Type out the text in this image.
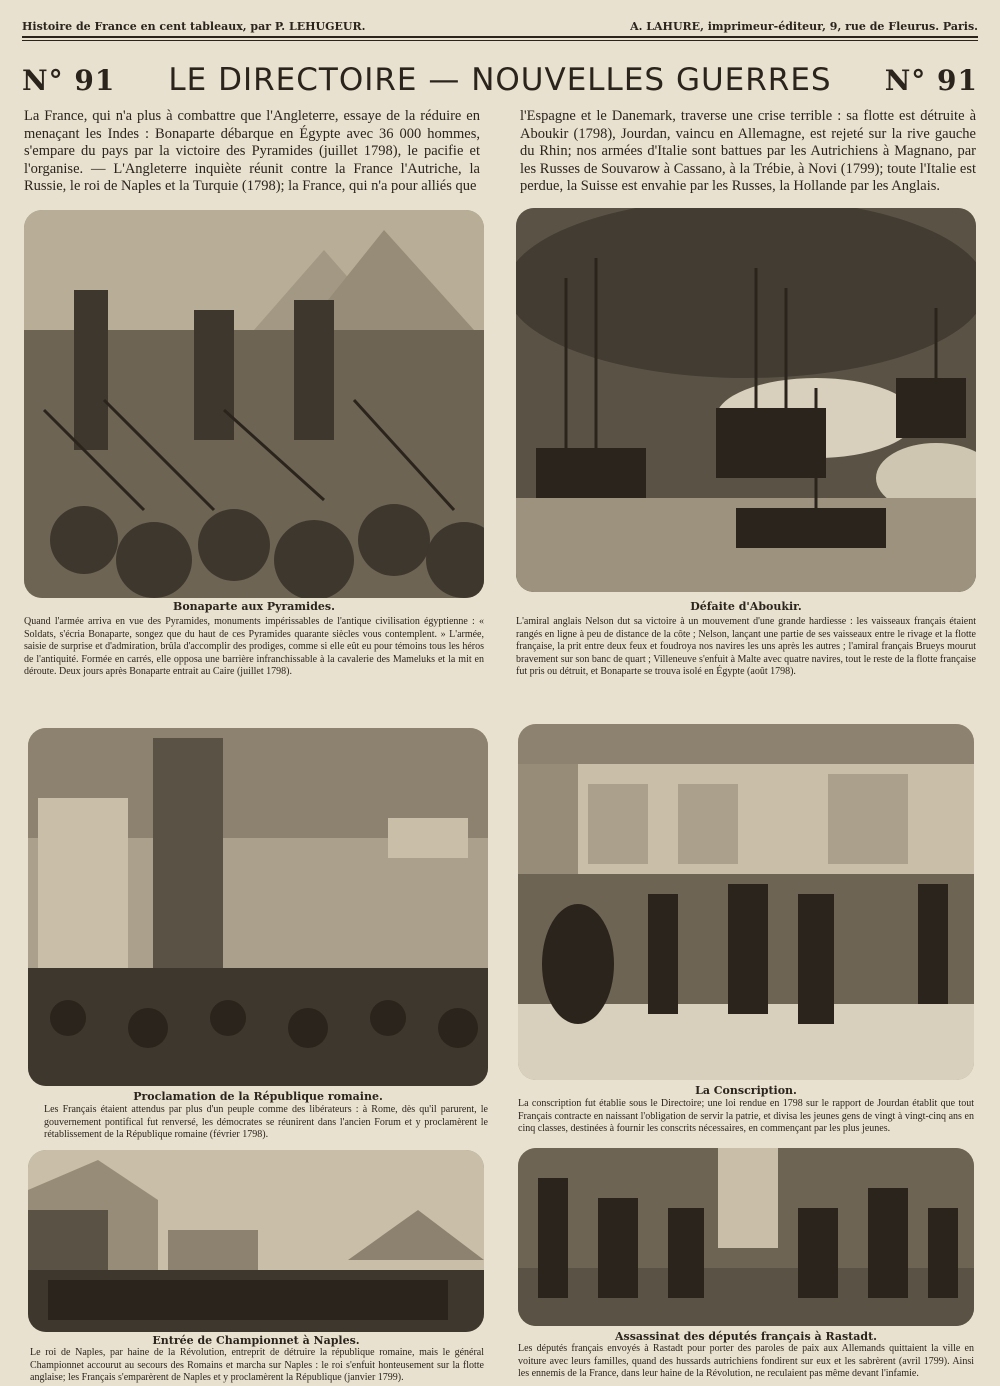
Histoire de France en cent tableaux, par P. LEHUGEUR.	A. LAHURE, imprimeur-éditeur, 9, rue de Fleurus. Paris.
N° 91 LE DIRECTOIRE — NOUVELLES GUERRES N° 91

La France, qui n'a plus à combattre que l'Angleterre, essaye de la réduire en menaçant les Indes : Bonaparte débarque en Égypte avec 36 000 hommes, s'empare du pays par la victoire des Pyramides (juillet 1798), le pacifie et l'organise. — L'Angleterre inquiète réunit contre la France l'Autriche, la Russie, le roi de Naples et la Turquie (1798); la France, qui n'a pour alliés que

l'Espagne et le Danemark, traverse une crise terrible : sa flotte est détruite à Aboukir (1798), Jourdan, vaincu en Allemagne, est rejeté sur la rive gauche du Rhin; nos armées d'Italie sont battues par les Autrichiens à Magnano, par les Russes de Souvarow à Cassano, à la Trébie, à Novi (1799); toute l'Italie est perdue, la Suisse est envahie par les Russes, la Hollande par les Anglais.

Bonaparte aux Pyramides.

Quand l'armée arriva en vue des Pyramides, monuments impérissables de l'antique civilisation égyptienne : « Soldats, s'écria Bonaparte, songez que du haut de ces Pyramides quarante siècles vous contemplent. » L'armée, saisie de surprise et d'admiration, brûla d'accomplir des prodiges, comme si elle eût eu pour témoins tous les héros de l'antiquité. Formée en carrés, elle opposa une barrière infranchissable à la cavalerie des Mameluks et la mit en déroute. Deux jours après Bonaparte entrait au Caire (juillet 1798).

Défaite d'Aboukir.

L'amiral anglais Nelson dut sa victoire à un mouvement d'une grande hardiesse : les vaisseaux français étaient rangés en ligne à peu de distance de la côte ; Nelson, lançant une partie de ses vaisseaux entre le rivage et la flotte française, la prit entre deux feux et foudroya nos navires les uns après les autres ; l'amiral français Brueys mourut bravement sur son banc de quart ; Villeneuve s'enfuit à Malte avec quatre navires, tout le reste de la flotte française fut pris ou détruit, et Bonaparte se trouva isolé en Égypte (août 1798).

Proclamation de la République romaine.

Les Français étaient attendus par plus d'un peuple comme des libérateurs : à Rome, dès qu'il parurent, le gouvernement pontifical fut renversé, les démocrates se réunirent dans l'ancien Forum et y proclamèrent le rétablissement de la République romaine (février 1798).

La Conscription.

La conscription fut établie sous le Directoire; une loi rendue en 1798 sur le rapport de Jourdan établit que tout Français contracte en naissant l'obligation de servir la patrie, et divisa les jeunes gens de vingt à vingt-cinq ans en cinq classes, destinées à fournir les conscrits nécessaires, en commençant par les plus jeunes.

Entrée de Championnet à Naples.

Le roi de Naples, par haine de la Révolution, entreprit de détruire la république romaine, mais le général Championnet accourut au secours des Romains et marcha sur Naples : le roi s'enfuit honteusement sur la flotte anglaise; les Français s'emparèrent de Naples et y proclamèrent la République (janvier 1799).

Assassinat des députés français à Rastadt.

Les députés français envoyés à Rastadt pour porter des paroles de paix aux Allemands quittaient la ville en voiture avec leurs familles, quand des hussards autrichiens fondirent sur eux et les sabrèrent (avril 1799). Ainsi les ennemis de la France, dans leur haine de la Révolution, ne reculaient pas même devant l'infamie.
